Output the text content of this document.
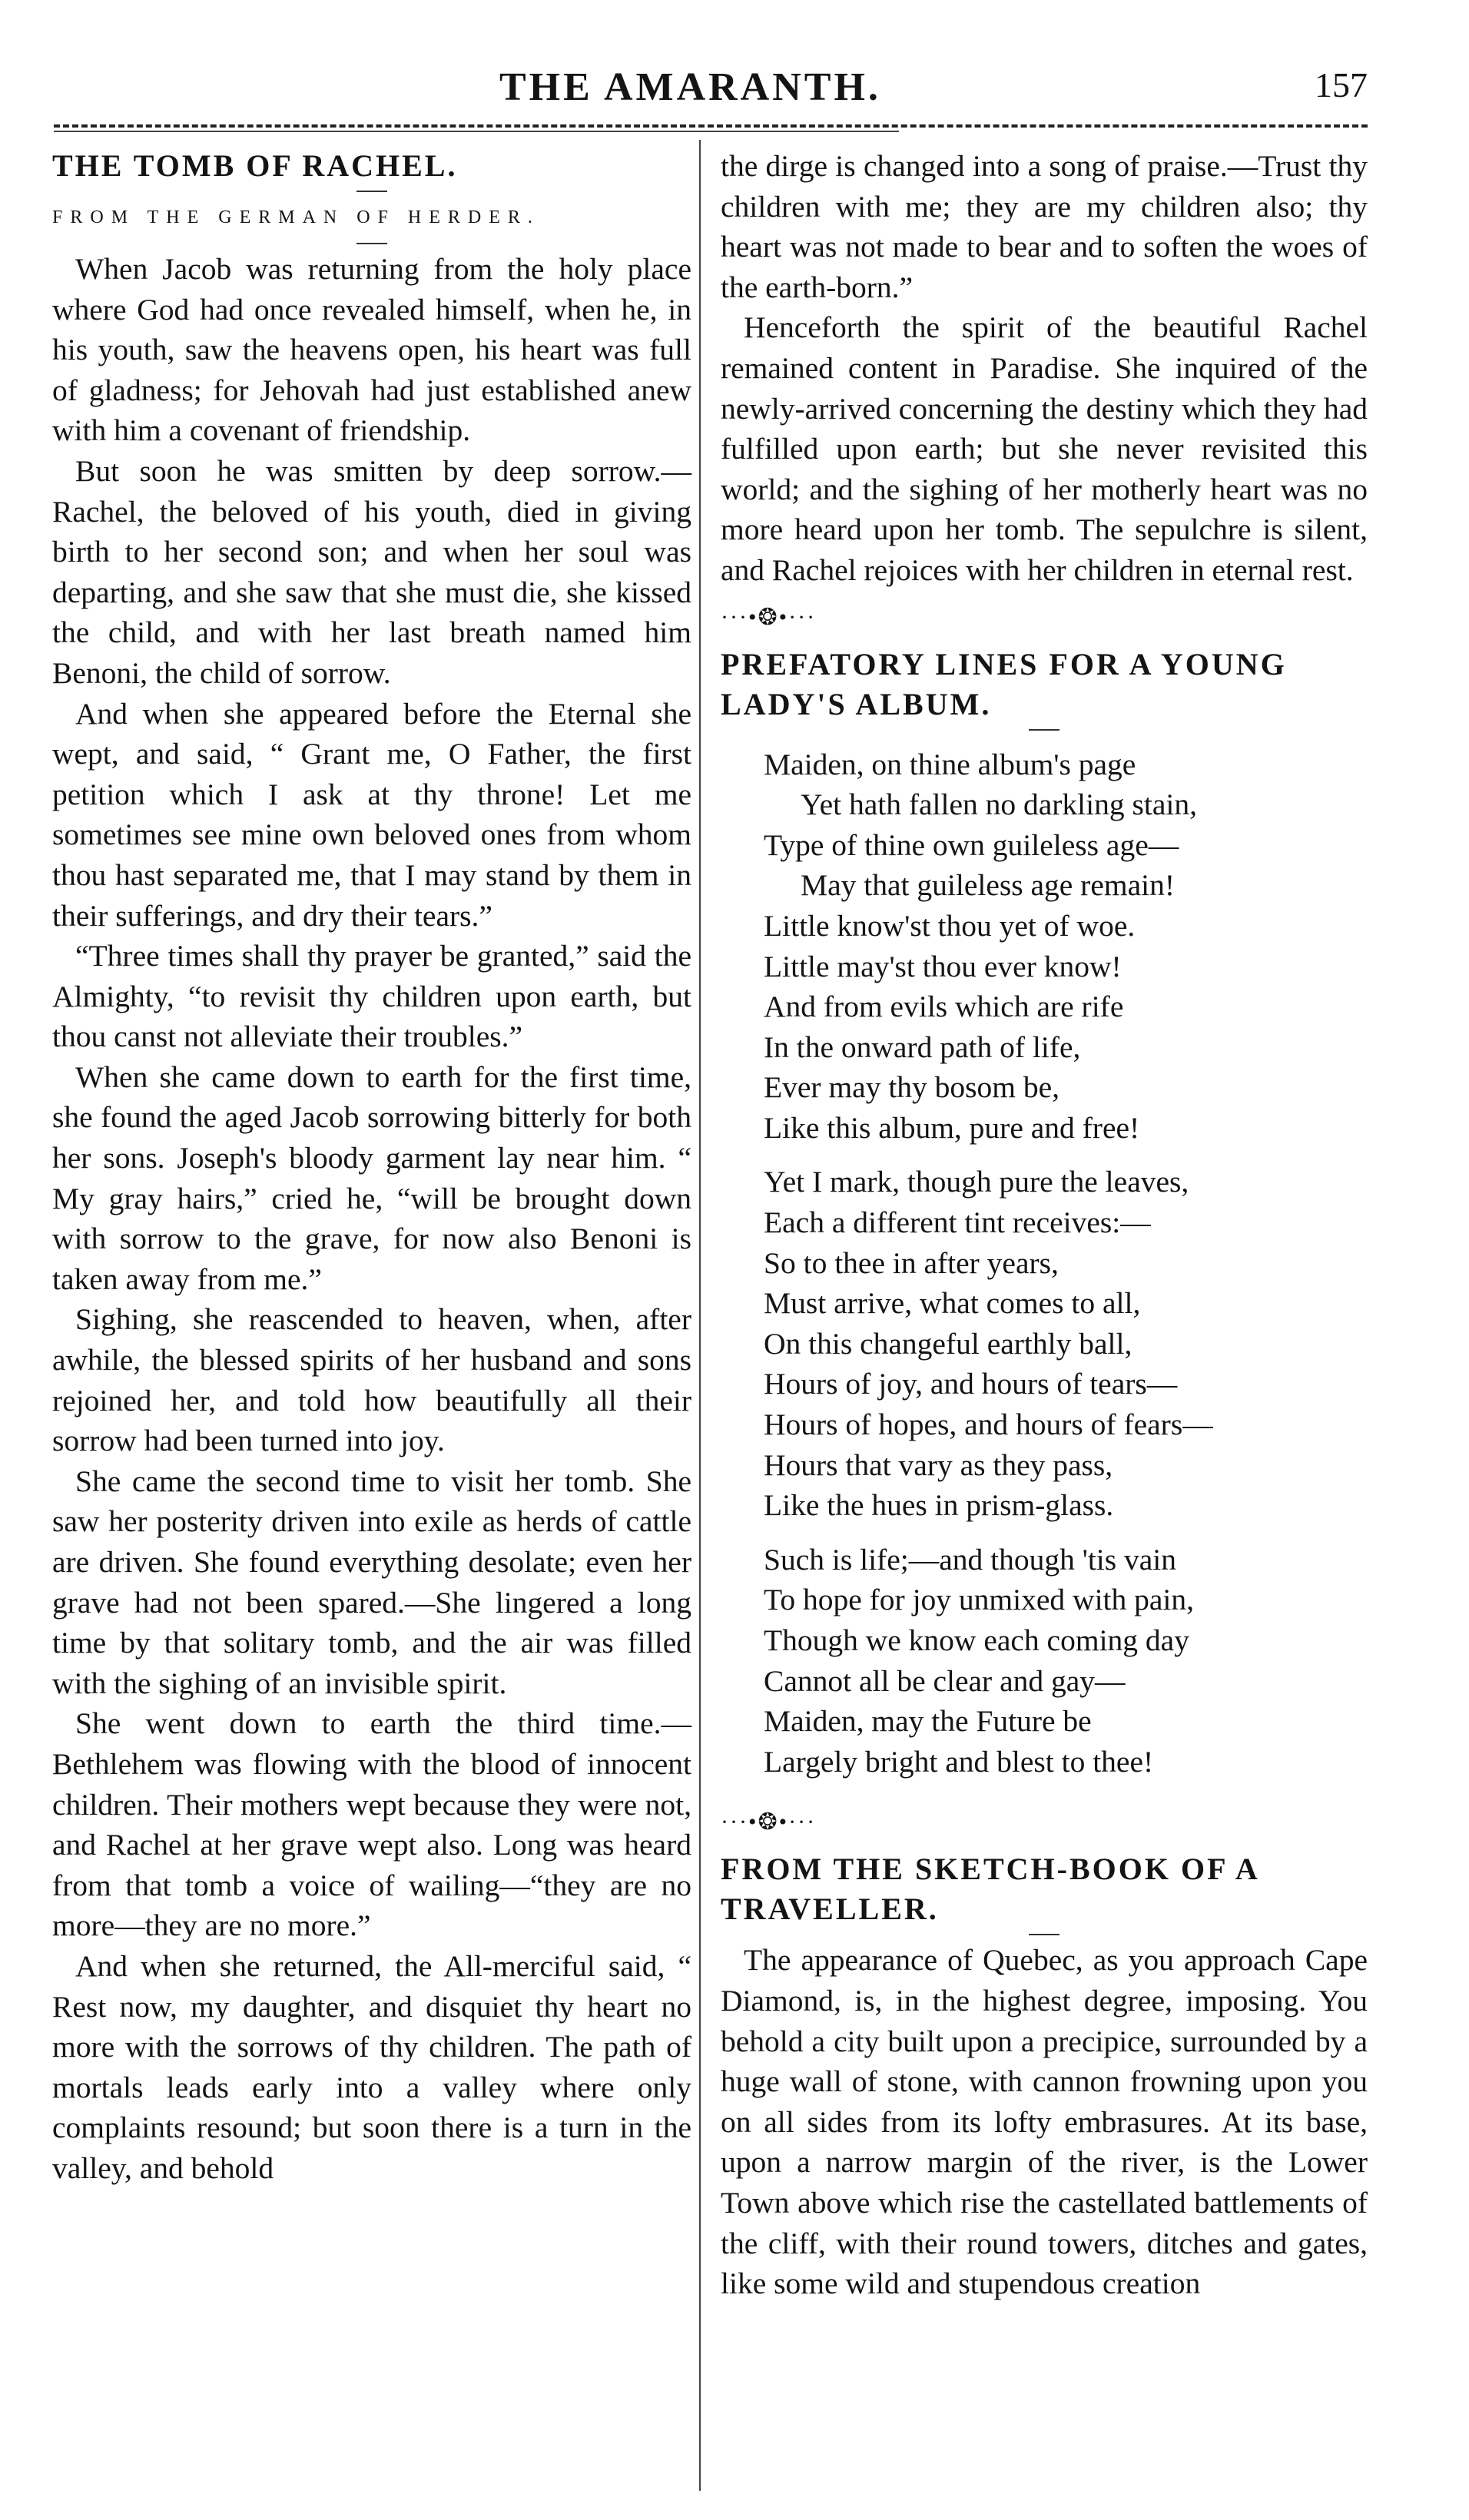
THE AMARANTH.	157

THE TOMB OF RACHEL.

FROM THE GERMAN OF HERDER.

When Jacob was returning from the holy place where God had once revealed himself, when he, in his youth, saw the heavens open, his heart was full of gladness; for Jehovah had just established anew with him a covenant of friendship.

But soon he was smitten by deep sorrow.—Rachel, the beloved of his youth, died in giving birth to her second son; and when her soul was departing, and she saw that she must die, she kissed the child, and with her last breath named him Benoni, the child of sorrow.

And when she appeared before the Eternal she wept, and said, “ Grant me, O Father, the first petition which I ask at thy throne! Let me sometimes see mine own beloved ones from whom thou hast separated me, that I may stand by them in their sufferings, and dry their tears.”

“Three times shall thy prayer be granted,” said the Almighty, “to revisit thy children upon earth, but thou canst not alleviate their troubles.”

When she came down to earth for the first time, she found the aged Jacob sorrowing bitterly for both her sons. Joseph's bloody garment lay near him. “ My gray hairs,” cried he, “will be brought down with sorrow to the grave, for now also Benoni is taken away from me.”

Sighing, she reascended to heaven, when, after awhile, the blessed spirits of her husband and sons rejoined her, and told how beautifully all their sorrow had been turned into joy.

She came the second time to visit her tomb. She saw her posterity driven into exile as herds of cattle are driven. She found everything desolate; even her grave had not been spared.—She lingered a long time by that solitary tomb, and the air was filled with the sighing of an invisible spirit.

She went down to earth the third time.—Bethlehem was flowing with the blood of innocent children. Their mothers wept because they were not, and Rachel at her grave wept also. Long was heard from that tomb a voice of wailing—“they are no more—they are no more.”

And when she returned, the All-merciful said, “ Rest now, my daughter, and disquiet thy heart no more with the sorrows of thy children. The path of mortals leads early into a valley where only complaints resound; but soon there is a turn in the valley, and behold

the dirge is changed into a song of praise.—Trust thy children with me; they are my children also; thy heart was not made to bear and to soften the woes of the earth-born.”

Henceforth the spirit of the beautiful Rachel remained content in Paradise. She inquired of the newly-arrived concerning the destiny which they had fulfilled upon earth; but she never revisited this world; and the sighing of her motherly heart was no more heard upon her tomb. The sepulchre is silent, and Rachel rejoices with her children in eternal rest.

···•❂•···

PREFATORY LINES FOR A YOUNG
LADY'S ALBUM.

Maiden, on thine album's page
Yet hath fallen no darkling stain,
Type of thine own guileless age—
May that guileless age remain!
Little know'st thou yet of woe.
Little may'st thou ever know!
And from evils which are rife
In the onward path of life,
Ever may thy bosom be,
Like this album, pure and free!
Yet I mark, though pure the leaves,
Each a different tint receives:—
So to thee in after years,
Must arrive, what comes to all,
On this changeful earthly ball,
Hours of joy, and hours of tears—
Hours of hopes, and hours of fears—
Hours that vary as they pass,
Like the hues in prism-glass.
Such is life;—and though 'tis vain
To hope for joy unmixed with pain,
Though we know each coming day
Cannot all be clear and gay—
Maiden, may the Future be
Largely bright and blest to thee!

···•❂•···

FROM THE SKETCH-BOOK OF A
TRAVELLER.

The appearance of Quebec, as you approach Cape Diamond, is, in the highest degree, imposing. You behold a city built upon a precipice, surrounded by a huge wall of stone, with cannon frowning upon you on all sides from its lofty embrasures. At its base, upon a narrow margin of the river, is the Lower Town above which rise the castellated battlements of the cliff, with their round towers, ditches and gates, like some wild and stupendous creation
